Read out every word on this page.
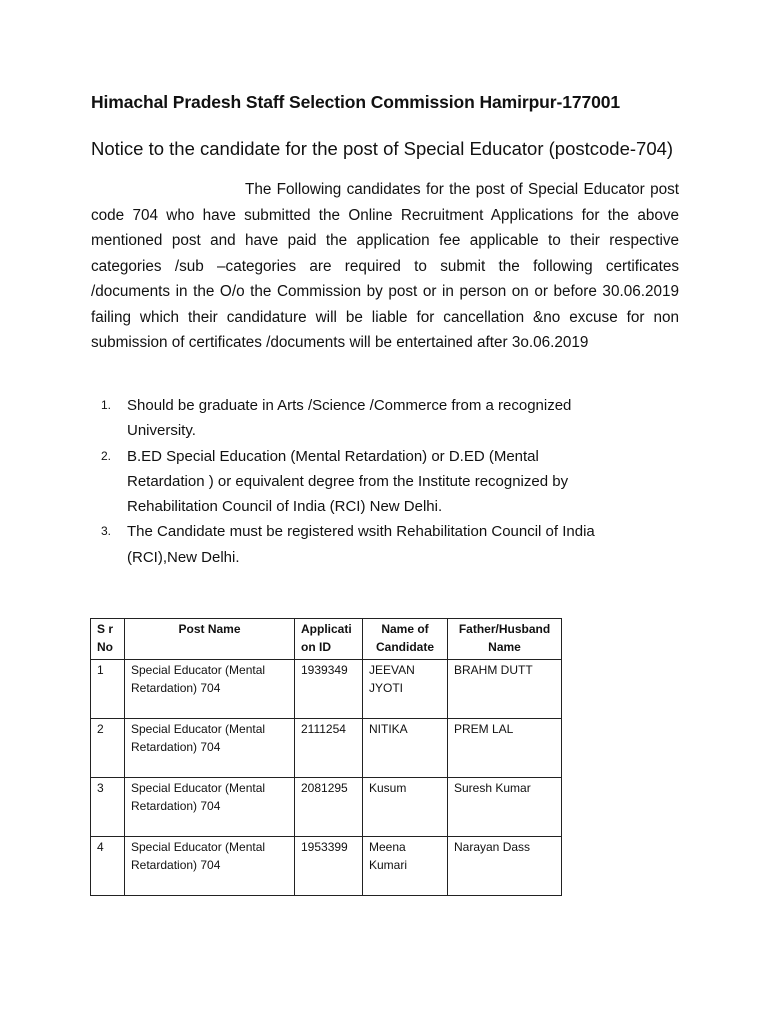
Himachal Pradesh Staff Selection Commission Hamirpur-177001
Notice to the candidate for the post of Special Educator (postcode-704)
The Following candidates for the post of Special Educator post code 704 who have submitted the Online Recruitment Applications for the above mentioned post and have paid the application fee applicable to their respective categories /sub –categories are required to submit the following certificates /documents in the O/o the Commission by post or in person on or before 30.06.2019 failing which their candidature will be liable for cancellation &no excuse for non submission of certificates /documents will be entertained after 3o.06.2019
1.	Should be graduate in Arts /Science /Commerce from a recognized University.
2.	B.ED Special Education (Mental Retardation) or D.ED (Mental Retardation ) or equivalent degree from the Institute recognized by Rehabilitation Council of India (RCI) New Delhi.
3.	The Candidate must be registered wsith Rehabilitation Council of India (RCI),New Delhi.
S r No	Post Name	Applicati on ID	Name of Candidate	Father/Husband Name
1	Special Educator (Mental Retardation) 704	1939349	JEEVAN JYOTI	BRAHM DUTT
2	Special Educator (Mental Retardation) 704	2111254	NITIKA	PREM LAL
3	Special Educator (Mental Retardation) 704	2081295	Kusum	Suresh Kumar
4	Special Educator (Mental Retardation) 704	1953399	Meena Kumari	Narayan Dass
